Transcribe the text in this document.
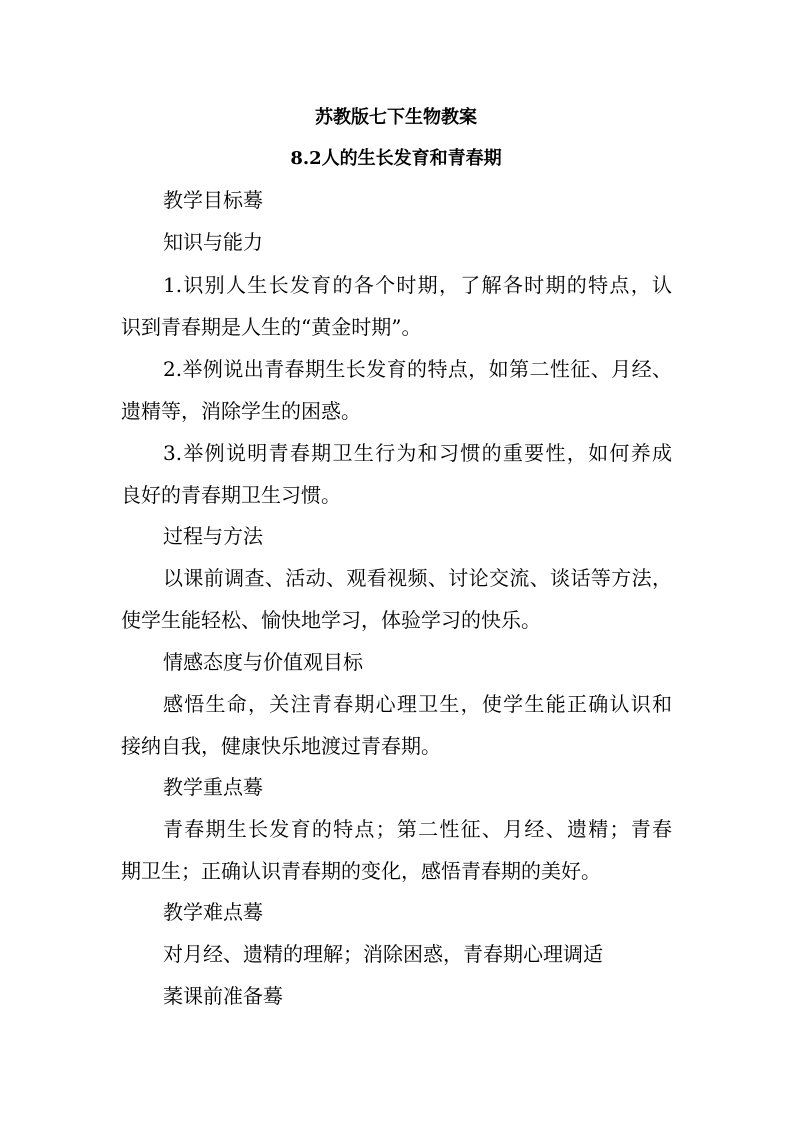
苏教版七下生物教案
8.2人的生长发育和青春期
教学目标蓦
知识与能力
1.识别人生长发育的各个时期，了解各时期的特点，认
识到青春期是人生的“黄金时期”。
2.举例说出青春期生长发育的特点，如第二性征、月经、
遗精等，消除学生的困惑。
3.举例说明青春期卫生行为和习惯的重要性，如何养成
良好的青春期卫生习惯。
过程与方法
以课前调查、活动、观看视频、讨论交流、谈话等方法，
使学生能轻松、愉快地学习，体验学习的快乐。
情感态度与价值观目标
感悟生命，关注青春期心理卫生，使学生能正确认识和
接纳自我，健康快乐地渡过青春期。
教学重点蓦
青春期生长发育的特点；第二性征、月经、遗精；青春
期卫生；正确认识青春期的变化，感悟青春期的美好。
教学难点蓦
对月经、遗精的理解；消除困惑，青春期心理调适
葇课前准备蓦
